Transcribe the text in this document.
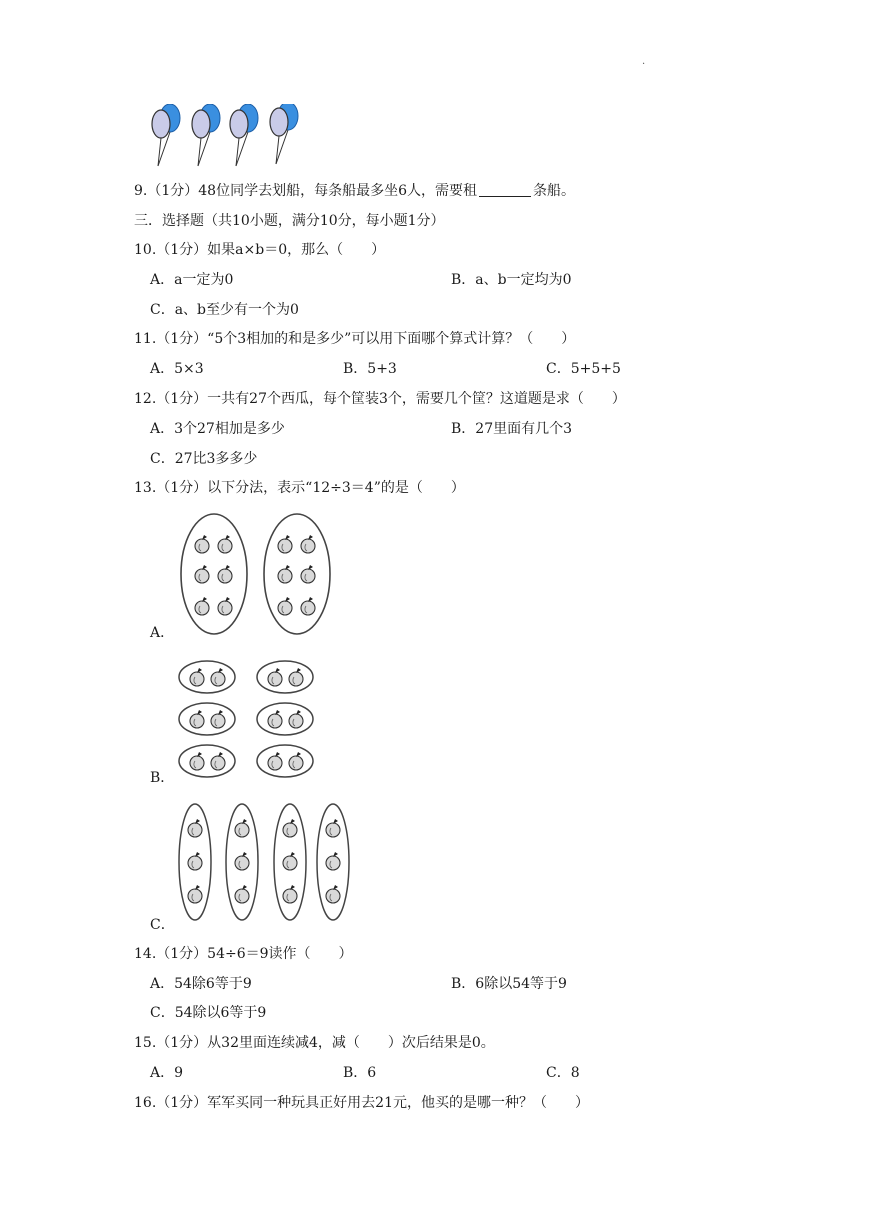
.
9.（1分）48位同学去划船，每条船最多坐6人，需要租	条船。
三．选择题（共10小题，满分10分，每小题1分）
10.（1分）如果a×b＝0，那么（　　）
A．a一定为0	B．a、b一定均为0
C．a、b至少有一个为0
11.（1分）“5个3相加的和是多少”可以用下面哪个算式计算？（　　）
A．5×3	B．5+3	C．5+5+5
12.（1分）一共有27个西瓜，每个筐装3个，需要几个筐？这道题是求（　　）
A．3个27相加是多少	B．27里面有几个3
C．27比3多多少
13.（1分）以下分法，表示“12÷3＝4”的是（　　）
A．
B．
C．
14.（1分）54÷6＝9读作（　　）
A．54除6等于9	B．6除以54等于9
C．54除以6等于9
15.（1分）从32里面连续减4，减（　　）次后结果是0。
A．9	B．6	C．8
16.（1分）军军买同一种玩具正好用去21元，他买的是哪一种？（　　）
